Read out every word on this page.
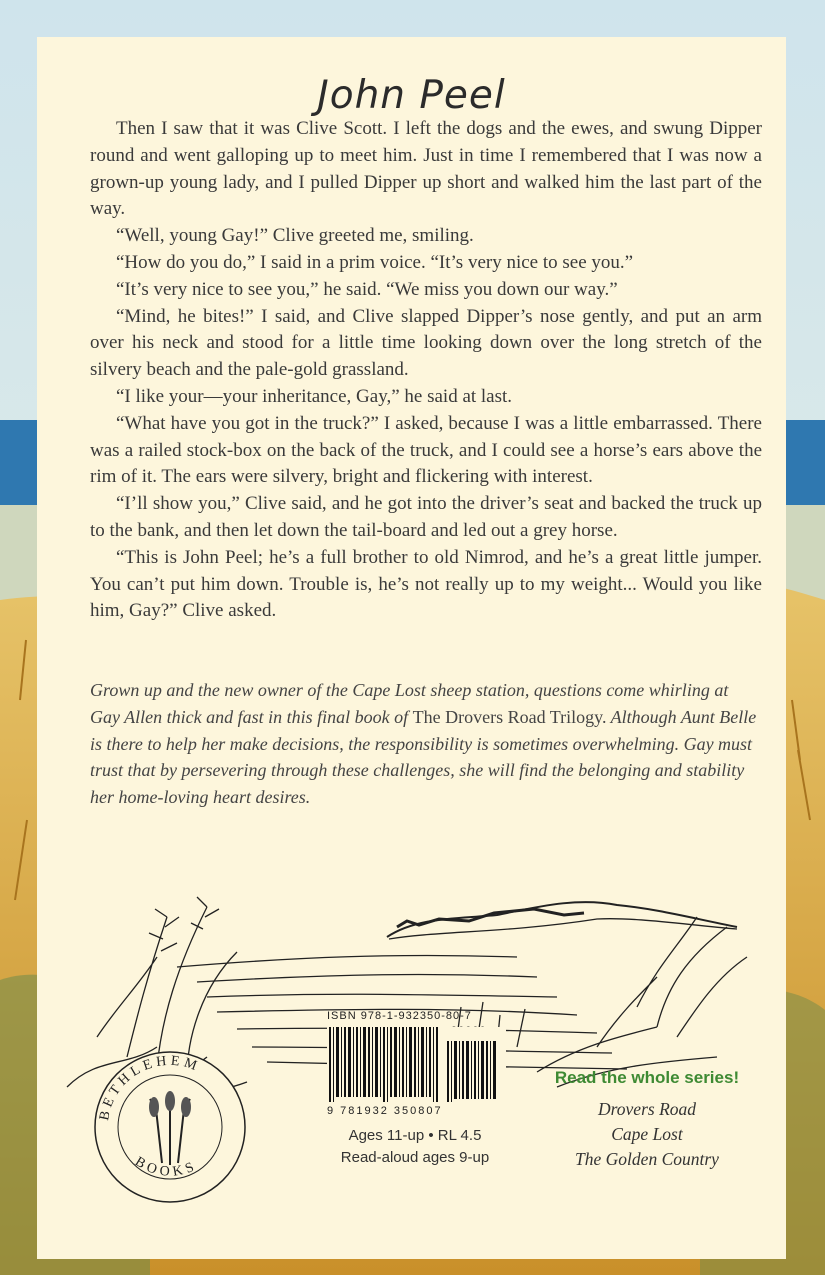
John Peel

Then I saw that it was Clive Scott. I left the dogs and the ewes, and swung Dipper round and went galloping up to meet him. Just in time I remembered that I was now a grown-up young lady, and I pulled Dipper up short and walked him the last part of the way.

“Well, young Gay!” Clive greeted me, smiling.

“How do you do,” I said in a prim voice. “It’s very nice to see you.”

“It’s very nice to see you,” he said. “We miss you down our way.”

“Mind, he bites!” I said, and Clive slapped Dipper’s nose gently, and put an arm over his neck and stood for a little time looking down over the long stretch of the silvery beach and the pale-gold grassland.

“I like your—your inheritance, Gay,” he said at last.

“What have you got in the truck?” I asked, because I was a little embarrassed. There was a railed stock-box on the back of the truck, and I could see a horse’s ears above the rim of it. The ears were silvery, bright and flickering with interest.

“I’ll show you,” Clive said, and he got into the driver’s seat and backed the truck up to the bank, and then let down the tail-board and led out a grey horse.

“This is John Peel; he’s a full brother to old Nimrod, and he’s a great little jumper. You can’t put him down. Trouble is, he’s not really up to my weight... Would you like him, Gay?” Clive asked.

Grown up and the new owner of the Cape Lost sheep station, questions come whirling at Gay Allen thick and fast in this final book of The Drovers Road Trilogy. Although Aunt Belle is there to help her make decisions, the responsibility is sometimes overwhelming. Gay must trust that by persevering through these challenges, she will find the belonging and stability her home-loving heart desires.

BETHLEHEM
BOOKS
ISBN 978-1-932350-80-7
90000
9 781932 350807
Ages 11-up • RL 4.5
Read-aloud ages 9-up
Read the whole series!
Drovers Road
Cape Lost
The Golden Country
